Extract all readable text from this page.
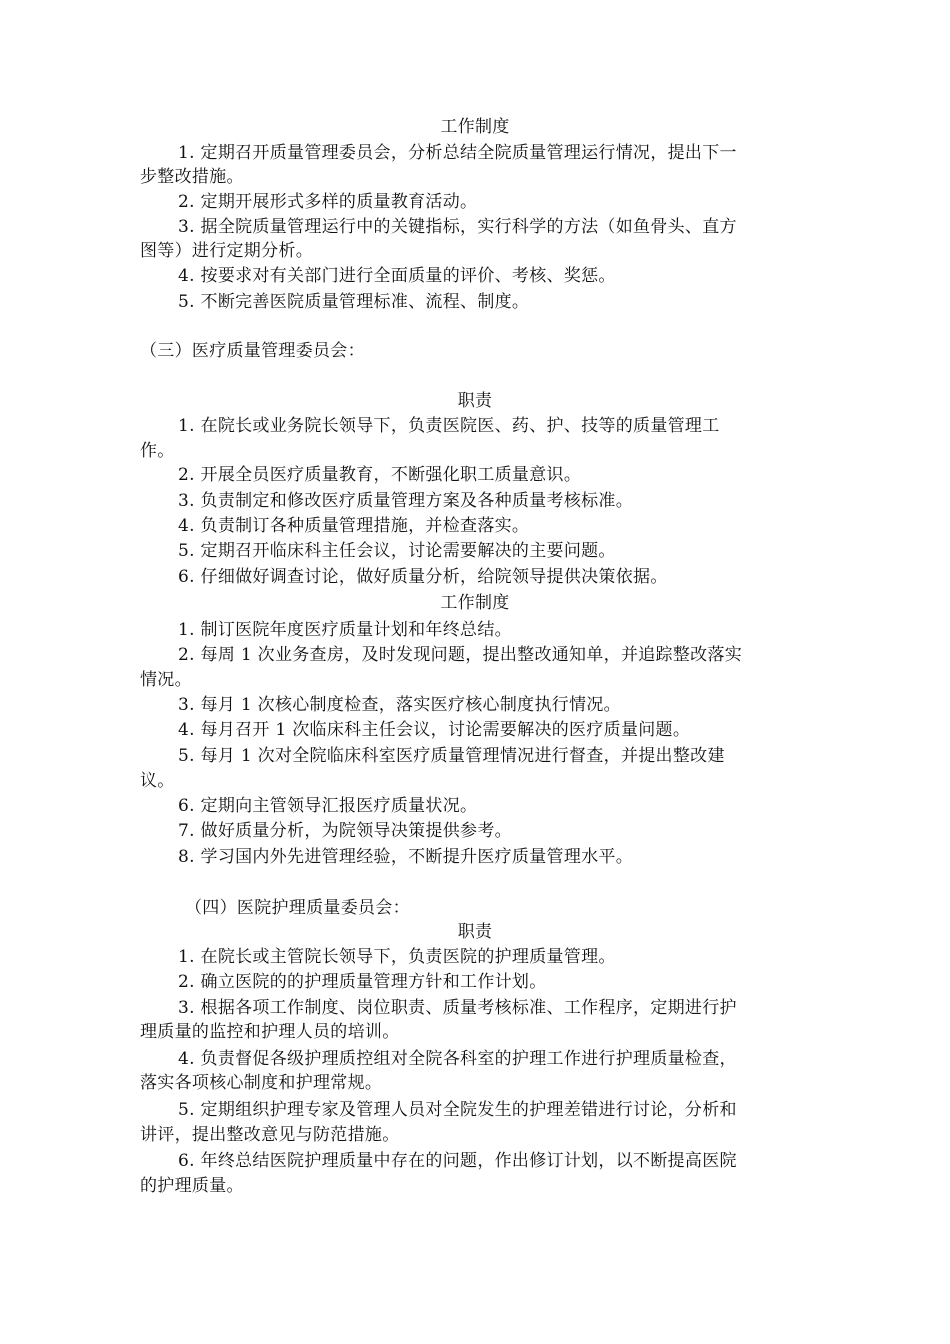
工作制度
1. 定期召开质量管理委员会，分析总结全院质量管理运行情况，提出下一
步整改措施。
2. 定期开展形式多样的质量教育活动。
3. 据全院质量管理运行中的关键指标，实行科学的方法（如鱼骨头、直方
图等）进行定期分析。
4. 按要求对有关部门进行全面质量的评价、考核、奖惩。
5. 不断完善医院质量管理标准、流程、制度。
（三）医疗质量管理委员会：
职责
1. 在院长或业务院长领导下，负责医院医、药、护、技等的质量管理工
作。
2. 开展全员医疗质量教育，不断强化职工质量意识。
3. 负责制定和修改医疗质量管理方案及各种质量考核标准。
4. 负责制订各种质量管理措施，并检查落实。
5. 定期召开临床科主任会议，讨论需要解决的主要问题。
6. 仔细做好调查讨论，做好质量分析，给院领导提供决策依据。
工作制度
1. 制订医院年度医疗质量计划和年终总结。
2. 每周 1 次业务查房，及时发现问题，提出整改通知单，并追踪整改落实
情况。
3. 每月 1 次核心制度检查，落实医疗核心制度执行情况。
4. 每月召开 1 次临床科主任会议，讨论需要解决的医疗质量问题。
5. 每月 1 次对全院临床科室医疗质量管理情况进行督查，并提出整改建
议。
6. 定期向主管领导汇报医疗质量状况。
7. 做好质量分析，为院领导决策提供参考。
8. 学习国内外先进管理经验，不断提升医疗质量管理水平。
（四）医院护理质量委员会：
职责
1. 在院长或主管院长领导下，负责医院的护理质量管理。
2. 确立医院的的护理质量管理方针和工作计划。
3. 根据各项工作制度、岗位职责、质量考核标准、工作程序，定期进行护
理质量的监控和护理人员的培训。
4. 负责督促各级护理质控组对全院各科室的护理工作进行护理质量检查，
落实各项核心制度和护理常规。
5. 定期组织护理专家及管理人员对全院发生的护理差错进行讨论，分析和
讲评，提出整改意见与防范措施。
6. 年终总结医院护理质量中存在的问题，作出修订计划，以不断提高医院
的护理质量。
